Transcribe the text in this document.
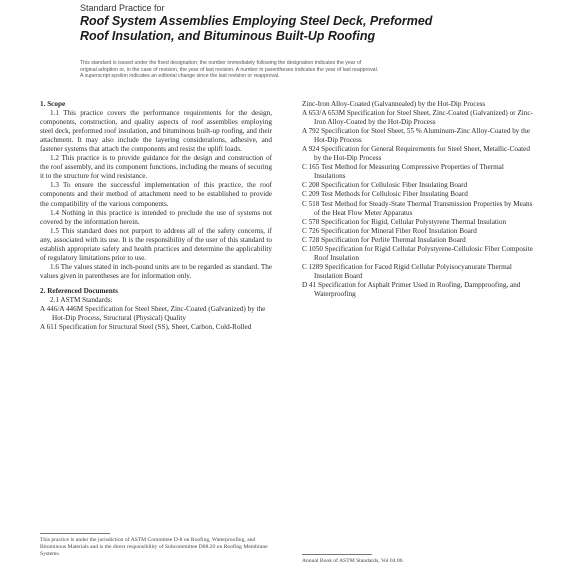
Standard Practice for

Roof System Assemblies Employing Steel Deck, Preformed

Roof Insulation, and Bituminous Built-Up Roofing

This standard is issued under the fixed designation; the number immediately following the designation indicates the year of
original adoption or, in the case of revision, the year of last revision. A number in parentheses indicates the year of last reapproval.
A superscript epsilon indicates an editorial change since the last revision or reapproval.

1. Scope

1.1 This practice covers the performance requirements for the design, components, construction, and quality aspects of roof assemblies employing steel deck, preformed roof insulation, and bituminous built-up roofing, and their attachment. It may also include the layering considerations, adhesive, and fastener systems that attach the components and resist the uplift loads.

1.2 This practice is to provide guidance for the design and construction of the roof assembly, and its component functions, including the means of securing it to the structure for wind resistance.

1.3 To ensure the successful implementation of this practice, the roof components and their method of attachment need to be established to provide the compatibility of the various components.

1.4 Nothing in this practice is intended to preclude the use of systems not covered by the information herein.

1.5 This standard does not purport to address all of the safety concerns, if any, associated with its use. It is the responsibility of the user of this standard to establish appropriate safety and health practices and determine the applicability of regulatory limitations prior to use.

1.6 The values stated in inch-pound units are to be regarded as standard. The values given in parentheses are for information only.

2. Referenced Documents

2.1 ASTM Standards:

A 446/A 446M Specification for Steel Sheet, Zinc-Coated (Galvanized) by the Hot-Dip Process, Structural (Physical) Quality

A 611 Specification for Structural Steel (SS), Sheet, Carbon, Cold-Rolled

Zinc-Iron Alloy-Coated (Galvannealed) by the Hot-Dip Process

A 653/A 653M Specification for Steel Sheet, Zinc-Coated (Galvanized) or Zinc-Iron Alloy-Coated by the Hot-Dip Process

A 792 Specification for Steel Sheet, 55 % Aluminum-Zinc Alloy-Coated by the Hot-Dip Process

A 924 Specification for General Requirements for Steel Sheet, Metallic-Coated by the Hot-Dip Process

C 165 Test Method for Measuring Compressive Properties of Thermal Insulations

C 208 Specification for Cellulosic Fiber Insulating Board

C 209 Test Methods for Cellulosic Fiber Insulating Board

C 518 Test Method for Steady-State Thermal Transmission Properties by Means of the Heat Flow Meter Apparatus

C 578 Specification for Rigid, Cellular Polystyrene Thermal Insulation

C 726 Specification for Mineral Fiber Roof Insulation Board

C 728 Specification for Perlite Thermal Insulation Board

C 1050 Specification for Rigid Cellular Polystyrene-Cellulosic Fiber Composite Roof Insulation

C 1289 Specification for Faced Rigid Cellular Polyisocyanurate Thermal Insulation Board

D 41 Specification for Asphalt Primer Used in Roofing, Dampproofing, and Waterproofing

This practice is under the jurisdiction of ASTM Committee D-8 on Roofing, Waterproofing, and Bituminous Materials and is the direct responsibility of Subcommittee D08.20 on Roofing Membrane Systems.
Annual Book of ASTM Standards, Vol 04.06.
